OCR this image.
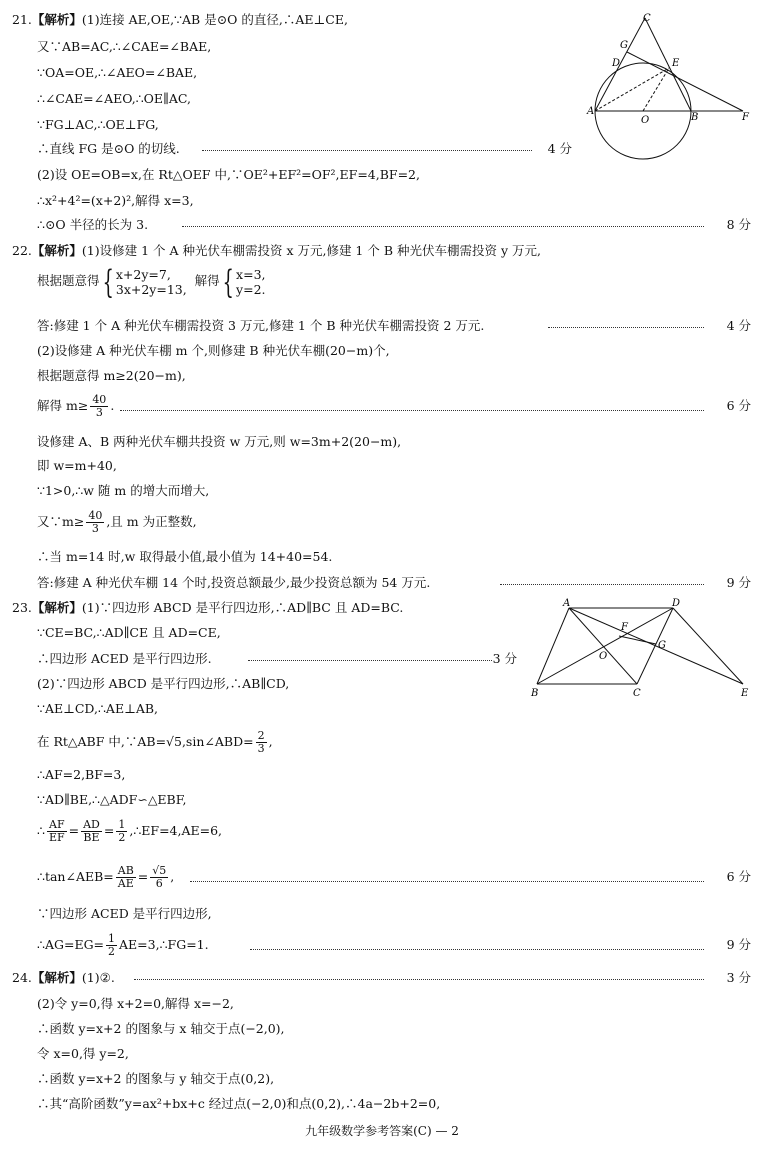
21.【解析】(1)连接 AE,OE,∵AB 是⊙O 的直径,∴AE⊥CE,
又∵AB=AC,∴∠CAE=∠BAE,
∵OA=OE,∴∠AEO=∠BAE,
∴∠CAE=∠AEO,∴OE∥AC,
∵FG⊥AC,∴OE⊥FG,
∴直线 FG 是⊙O 的切线.	4 分
(2)设 OE=OB=x,在 Rt△OEF 中,∵OE²+EF²=OF²,EF=4,BF=2,
∴x²+4²=(x+2)²,解得 x=3,
∴⊙O 半径的长为 3.	8 分
C
G
D	E
A
O	B	F
22.【解析】(1)设修建 1 个 A 种光伏车棚需投资 x 万元,修建 1 个 B 种光伏车棚需投资 y 万元,
根据题意得{ x+2y=7,
3x+2y=13,
解得{ x=3,
y=2.
答:修建 1 个 A 种光伏车棚需投资 3 万元,修建 1 个 B 种光伏车棚需投资 2 万元.	4 分
(2)设修建 A 种光伏车棚 m 个,则修建 B 种光伏车棚(20−m)个,
根据题意得 m≥2(20−m),
解得 $m\ge \frac{40}{3}$ .	6 分
设修建 A、B 两种光伏车棚共投资 w 万元,则 w=3m+2(20−m),
即 w=m+40,
∵1>0,∴w 随 m 的增大而增大,
又∵m≥ $\frac{40}{3}$ ,且 m 为正整数,
∴当 m=14 时,w 取得最小值,最小值为 14+40=54.
答:修建 A 种光伏车棚 14 个时,投资总额最少,最少投资总额为 54 万元.	9 分
23.【解析】(1)∵四边形 ABCD 是平行四边形,∴AD∥BC 且 AD=BC.
∵CE=BC,∴AD∥CE 且 AD=CE,
∴四边形 ACED 是平行四边形.	3 分
(2)∵四边形 ABCD 是平行四边形,∴AB∥CD,
∵AE⊥CD,∴AE⊥AB,
在 Rt△ABF 中,∵AB=√5,sin∠ABD= $\frac{2}{3}$ ,
∴AF=2,BF=3,
∵AD∥BE,∴△ADF∽△EBF,
∴ $\frac{AF}{EF} = \frac{AD}{BE} = \frac{1}{2}$ ,∴EF=4,AE=6,
∴tan∠AEB= $\frac{AB}{AE} = \frac{√5}{6}$ ,	6 分
∵四边形 ACED 是平行四边形,
∴AG=EG= $\frac{1}{2}$ AE=3,∴FG=1.	9 分
A	D
F
G
O
B	C	E
24.【解析】(1)②.	3 分
(2)令 y=0,得 x+2=0,解得 x=−2,
∴函数 y=x+2 的图象与 x 轴交于点(−2,0),
令 x=0,得 y=2,
∴函数 y=x+2 的图象与 y 轴交于点(0,2),
∴其“高阶函数”y=ax²+bx+c 经过点(−2,0)和点(0,2),∴4a−2b+2=0,
九年级数学参考答案(C) — 2
